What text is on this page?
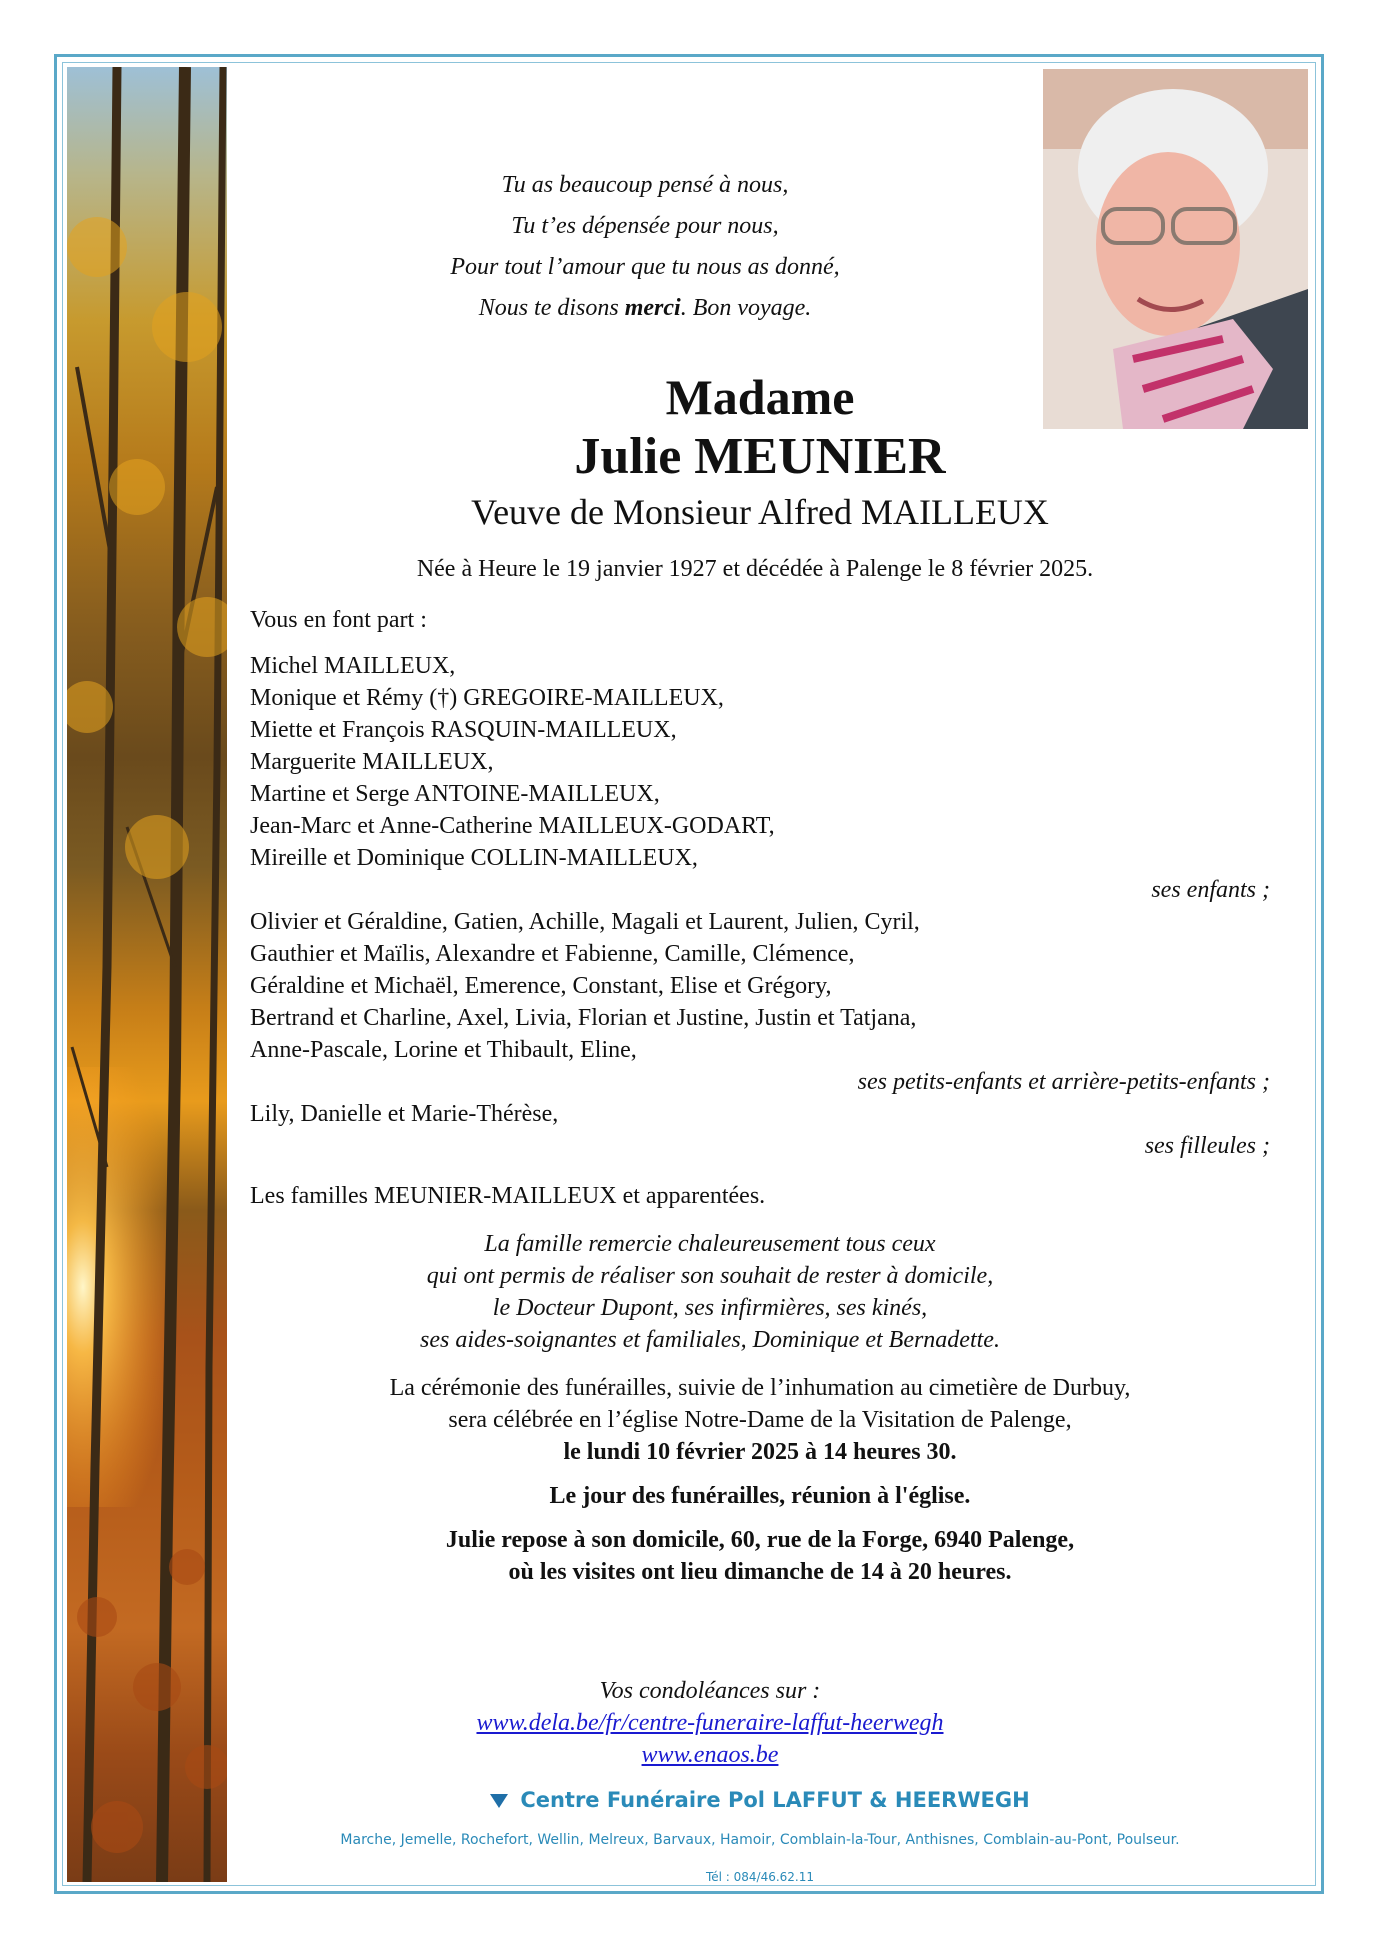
Tu as beaucoup pensé à nous,
Tu t’es dépensée pour nous,
Pour tout l’amour que tu nous as donné,
Nous te disons merci. Bon voyage.
Madame
Julie MEUNIER
Veuve de Monsieur Alfred MAILLEUX
Née à Heure le 19 janvier 1927 et décédée à Palenge le 8 février 2025.
Vous en font part :
Michel MAILLEUX,
Monique et Rémy (†) GREGOIRE-MAILLEUX,
Miette et François RASQUIN-MAILLEUX,
Marguerite MAILLEUX,
Martine et Serge ANTOINE-MAILLEUX,
Jean-Marc et Anne-Catherine MAILLEUX-GODART,
Mireille et Dominique COLLIN-MAILLEUX,
ses enfants ;
Olivier et Géraldine, Gatien, Achille, Magali et Laurent, Julien, Cyril,
Gauthier et Maïlis, Alexandre et Fabienne, Camille, Clémence,
Géraldine et Michaël, Emerence, Constant, Elise et Grégory,
Bertrand et Charline, Axel, Livia, Florian et Justine, Justin et Tatjana,
Anne-Pascale, Lorine et Thibault, Eline,
ses petits-enfants et arrière-petits-enfants ;
Lily, Danielle et Marie-Thérèse,
ses filleules ;
Les familles MEUNIER-MAILLEUX et apparentées.
La famille remercie chaleureusement tous ceux
qui ont permis de réaliser son souhait de rester à domicile,
le Docteur Dupont, ses infirmières, ses kinés,
ses aides-soignantes et familiales, Dominique et Bernadette.
La cérémonie des funérailles, suivie de l’inhumation au cimetière de Durbuy,
sera célébrée en l’église Notre-Dame de la Visitation de Palenge,
le lundi 10 février 2025 à 14 heures 30.
Le jour des funérailles, réunion à l'église.
Julie repose à son domicile, 60, rue de la Forge, 6940 Palenge,
où les visites ont lieu dimanche de 14 à 20 heures.
Vos condoléances sur :
www.dela.be/fr/centre-funeraire-laffut-heerwegh
www.enaos.be
Centre Funéraire Pol LAFFUT & HEERWEGH
Marche, Jemelle, Rochefort, Wellin, Melreux, Barvaux, Hamoir, Comblain-la-Tour, Anthisnes, Comblain-au-Pont, Poulseur.
Tél : 084/46.62.11
